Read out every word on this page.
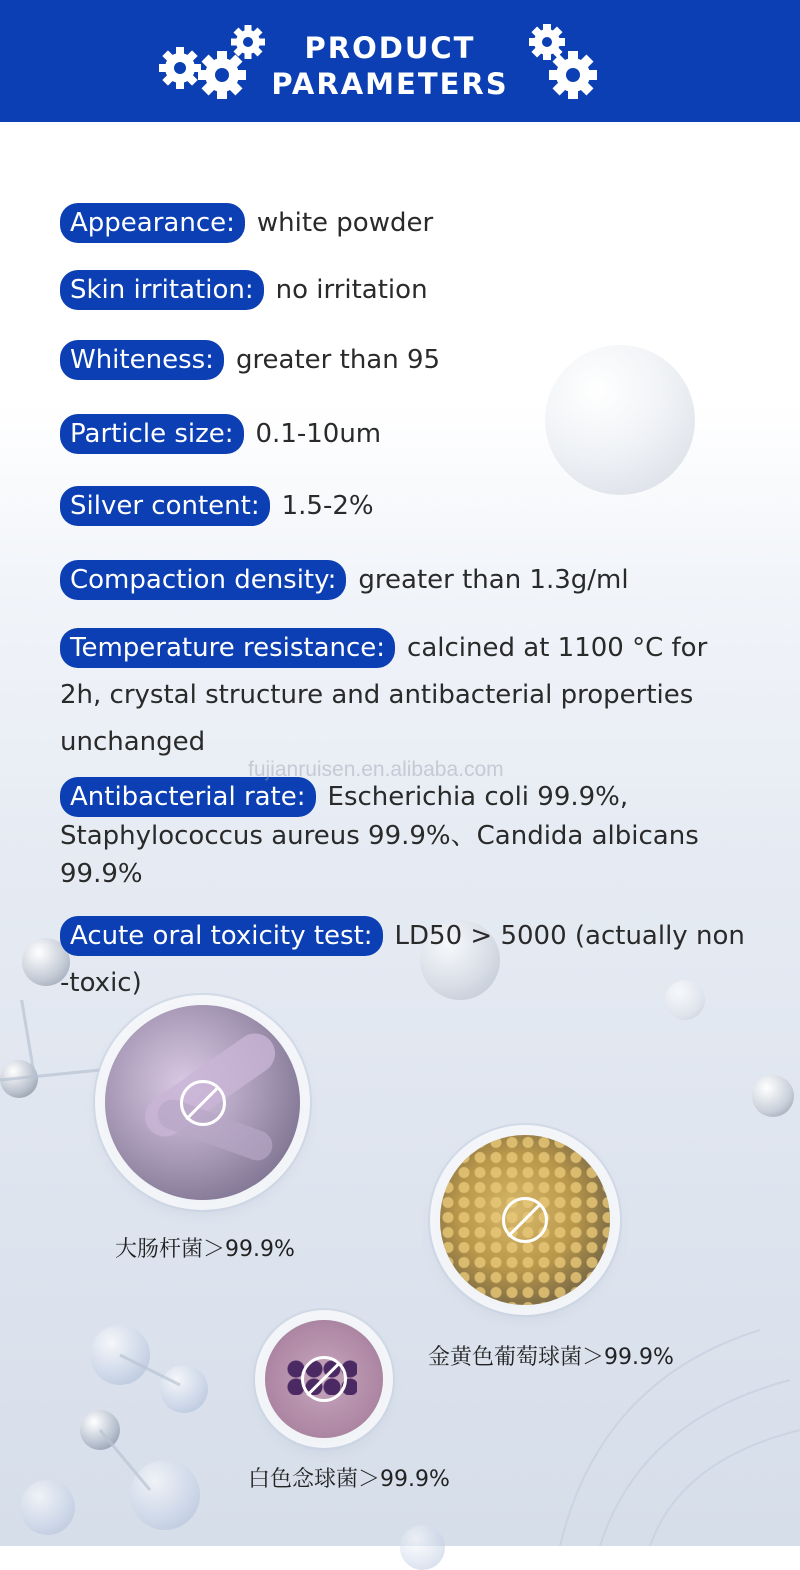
PRODUCT
PARAMETERS
Appearance: white powder
Skin irritation: no irritation
Whiteness: greater than 95
Particle size: 0.1-10um
Silver content: 1.5-2%
Compaction density: greater than 1.3g/ml
Temperature resistance: calcined at 1100 °C for 2h, crystal structure and antibacterial properties unchanged
Antibacterial rate: Escherichia coli 99.9%, Staphylococcus aureus 99.9%、Candida albicans 99.9%
Acute oral toxicity test: LD50 > 5000 (actually non -toxic)
fujianruisen.en.alibaba.com
大肠杆菌＞99.9%
金黄色葡萄球菌＞99.9%
白色念球菌＞99.9%
